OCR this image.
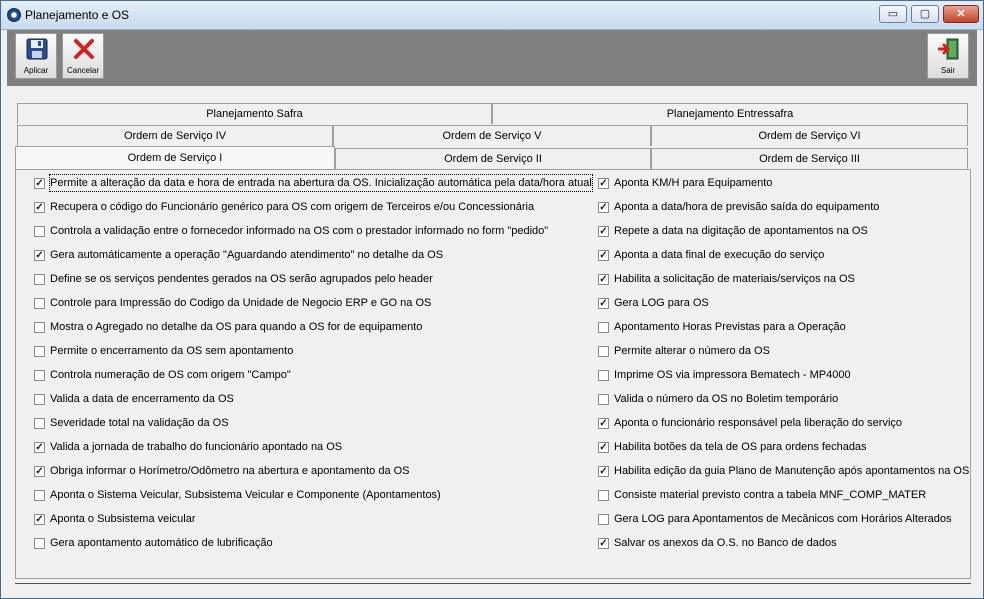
Planejamento e OS	▭	▢	✕
Aplicar	Cancelar	Sair
Planejamento Safra	Planejamento Entressafra
Ordem de Serviço IV	Ordem de Serviço V	Ordem de Serviço VI
Ordem de Serviço I	Ordem de Serviço II	Ordem de Serviço III
✓ Permite a alteração da data e hora de entrada na abertura da OS. Inicialização automática pela data/hora atual
✓ Recupera o código do Funcionário genérico para OS com origem de Terceiros e/ou Concessionária
Controla a validação entre o fornecedor informado na OS com o prestador informado no form "pedido"
✓ Gera automáticamente a operação "Aguardando atendimento" no detalhe da OS
Define se os serviços pendentes gerados na OS serão agrupados pelo header
Controle para Impressão do Codigo da Unidade de Negocio ERP e GO na OS
Mostra o Agregado no detalhe da OS para quando a OS for de equipamento
Permite o encerramento da OS sem apontamento
Controla numeração de OS com origem "Campo"
Valida a data de encerramento da OS
Severidade total na validação da OS
✓ Valida a jornada de trabalho do funcionário apontado na OS
✓ Obriga informar o Horímetro/Odômetro na abertura e apontamento da OS
Aponta o Sistema Veicular, Subsistema Veicular e Componente (Apontamentos)
✓ Aponta o Subsistema veicular
Gera apontamento automático de lubrificação
✓ Aponta KM/H para Equipamento
✓ Aponta a data/hora de previsão saída do equipamento
✓ Repete a data na digitação de apontamentos na OS
✓ Aponta a data final de execução do serviço
✓ Habilita a solicitação de materiais/serviços na OS
✓ Gera LOG para OS
Apontamento Horas Previstas para a Operação
Permite alterar o número da OS
Imprime OS via impressora Bematech - MP4000
Valida o número da OS no Boletim temporário
✓ Aponta o funcionário responsável pela liberação do serviço
✓ Habilita botões da tela de OS para ordens fechadas
✓ Habilita edição da guia Plano de Manutenção após apontamentos na OS
Consiste material previsto contra a tabela MNF_COMP_MATER
Gera LOG para Apontamentos de Mecânicos com Horários Alterados
✓ Salvar os anexos da O.S. no Banco de dados
